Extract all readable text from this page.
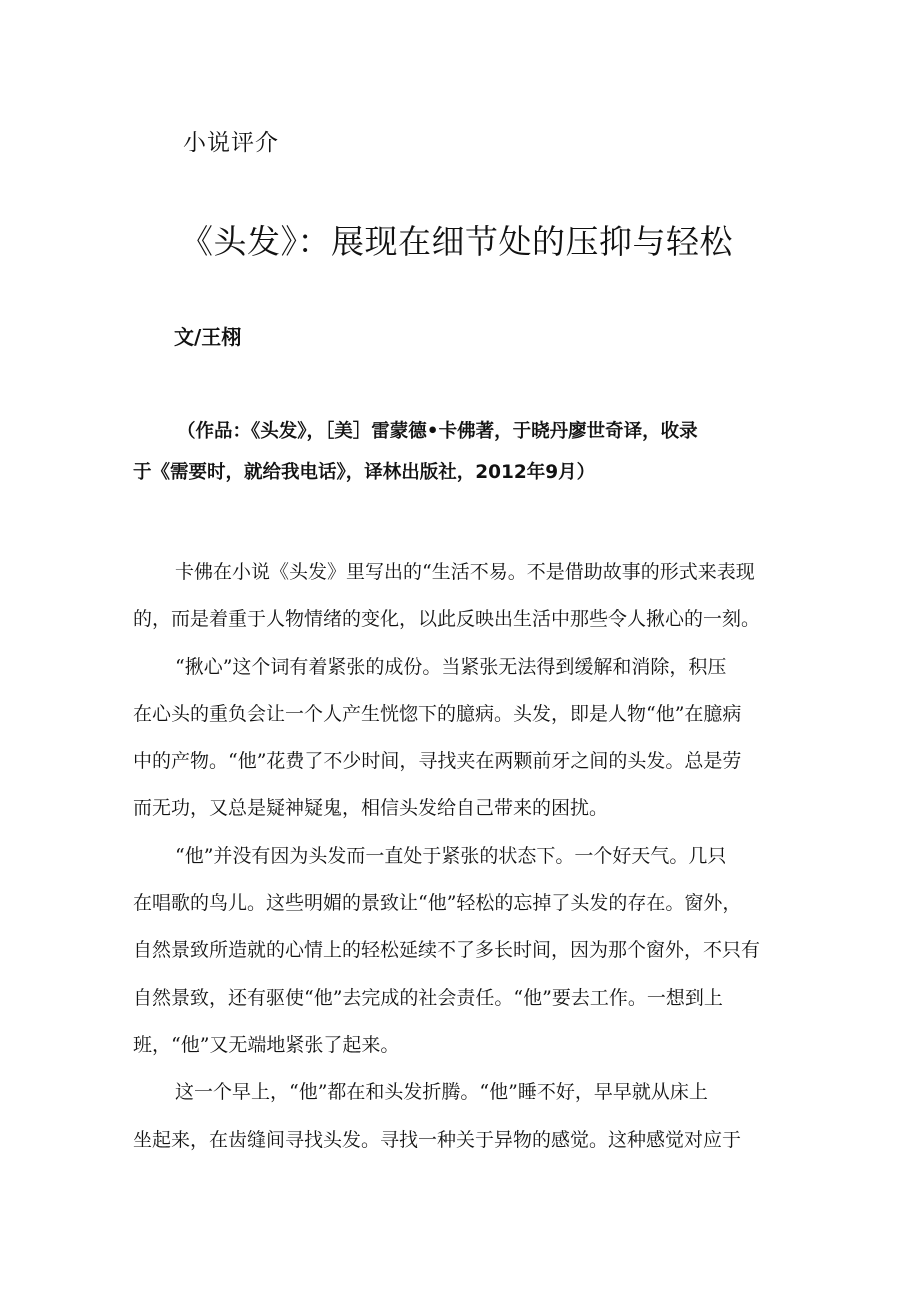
小说评介
《头发》：展现在细节处的压抑与轻松
文/王栩
（作品：《头发》，［美］雷蒙德•卡佛著，于晓丹廖世奇译，收录
于《需要时，就给我电话》，译林出版社，2012年9月）

卡佛在小说《头发》里写出的“生活不易。不是借助故事的形式来表现
的，而是着重于人物情绪的变化，以此反映出生活中那些令人揪心的一刻。

“揪心”这个词有着紧张的成份。当紧张无法得到缓解和消除，积压
在心头的重负会让一个人产生恍惚下的臆病。头发，即是人物“他”在臆病
中的产物。“他”花费了不少时间，寻找夹在两颗前牙之间的头发。总是劳
而无功，又总是疑神疑鬼，相信头发给自己带来的困扰。

“他”并没有因为头发而一直处于紧张的状态下。一个好天气。几只
在唱歌的鸟儿。这些明媚的景致让“他”轻松的忘掉了头发的存在。窗外，
自然景致所造就的心情上的轻松延续不了多长时间，因为那个窗外，不只有
自然景致，还有驱使“他”去完成的社会责任。“他”要去工作。一想到上
班，“他”又无端地紧张了起来。

这一个早上，“他”都在和头发折腾。“他”睡不好，早早就从床上
坐起来，在齿缝间寻找头发。寻找一种关于异物的感觉。这种感觉对应于
